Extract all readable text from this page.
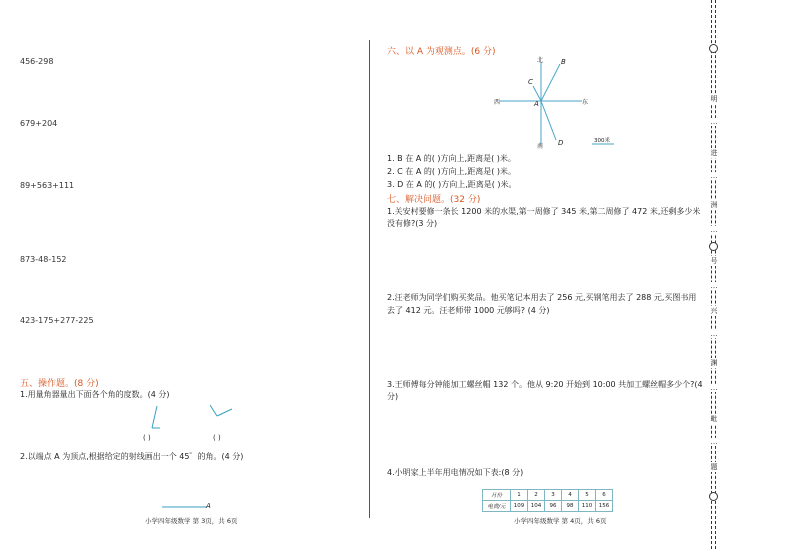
456-298
679+204
89+563+111
873-48-152
423-175+277-225
五、操作题。(8 分)
1.用量角器量出下面各个角的度数。(4 分)
( )	( )
2.以端点 A 为顶点,根据给定的射线画出一个 45゜的角。(4 分)
A
小学四年级数学 第 3页，共 6页
六、以 A 为观测点。(6 分)
北
南
东
西	A
B
C
D	300米
1. B 在 A 的( )方向上,距离是( )米。
2. C 在 A 的( )方向上,距离是( )米。
3. D 在 A 的( )方向上,距离是( )米。
七、解决问题。(32 分)
1.关安村要修一条长 1200 米的水渠,第一周修了 345 米,第二周修了 472 米,还剩多少米
没有修?(3 分)
2.汪老师为同学们购买奖品。他买笔记本用去了 256 元,买钢笔用去了 288 元,买图书用
去了 412 元。汪老师带 1000 元够吗? (4 分)
3.王师傅每分钟能加工螺丝帽 132 个。他从 9:20 开始到 10:00 共加工螺丝帽多少个?(4
分)
4.小明家上半年用电情况如下表:(8 分)
月份	1	2	3	4	5	6
电费/元	109	104	96	98	110	156
小学四年级数学 第 4页，共 6页
明
…
进
…
洲
…
号
…
兴
…
渊
…
毗
…
题
